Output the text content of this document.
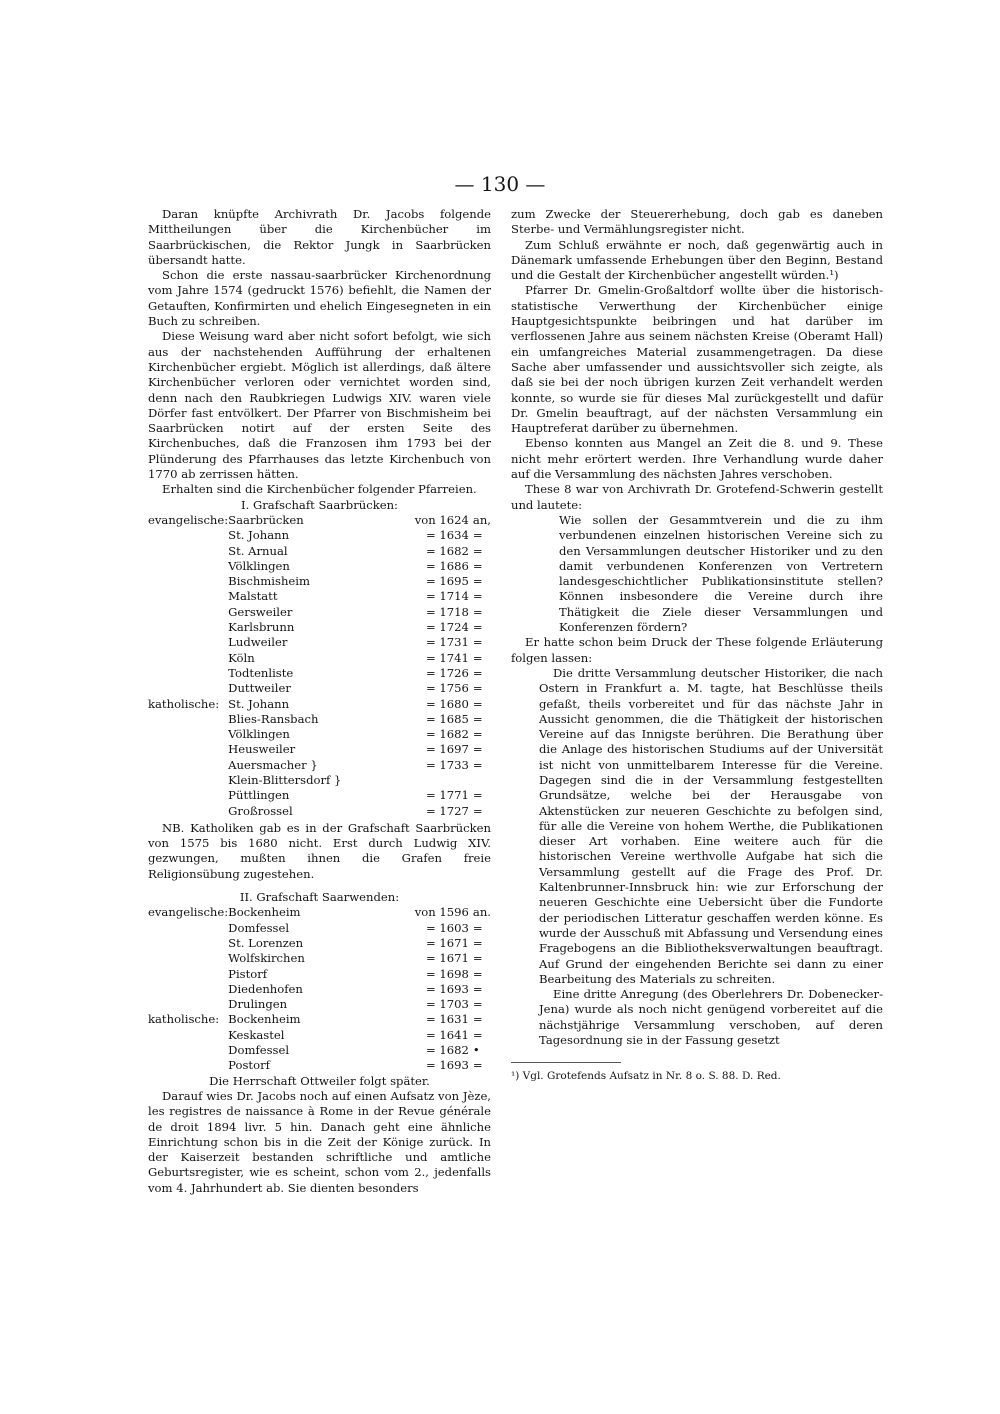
— 130 —

Daran knüpfte Archivrath Dr. Jacobs folgende Mittheilungen über die Kirchenbücher im Saarbrückischen, die Rektor Jungk in Saarbrücken übersandt hatte.

Schon die erste nassau-saarbrücker Kirchenordnung vom Jahre 1574 (gedruckt 1576) befiehlt, die Namen der Getauften, Konfirmirten und ehelich Eingesegneten in ein Buch zu schreiben.

Diese Weisung ward aber nicht sofort befolgt, wie sich aus der nachstehenden Aufführung der erhaltenen Kirchenbücher ergiebt. Möglich ist allerdings, daß ältere Kirchenbücher verloren oder vernichtet worden sind, denn nach den Raubkriegen Ludwigs XIV. waren viele Dörfer fast entvölkert. Der Pfarrer von Bischmisheim bei Saarbrücken notirt auf der ersten Seite des Kirchenbuches, daß die Franzosen ihm 1793 bei der Plünderung des Pfarrhauses das letzte Kirchenbuch von 1770 ab zerrissen hätten.

Erhalten sind die Kirchenbücher folgender Pfarreien.

I. Grafschaft Saarbrücken:

evangelische:	Saarbrücken	von 1624	an,
	St. Johann	= 1634	=
	St. Arnual	= 1682	=
	Völklingen	= 1686	=
	Bischmisheim	= 1695	=
	Malstatt	= 1714	=
	Gersweiler	= 1718	=
	Karlsbrunn	= 1724	=
	Ludweiler	= 1731	=
	Köln	= 1741	=
	Todtenliste	= 1726	=
	Duttweiler	= 1756	=
katholische:	St. Johann	= 1680	=
	Blies-Ransbach	= 1685	=
	Völklingen	= 1682	=
	Heusweiler	= 1697	=
	Auersmacher }	= 1733	=
	Klein-Blittersdorf }		
	Püttlingen	= 1771	=
	Großrossel	= 1727	=

NB. Katholiken gab es in der Grafschaft Saarbrücken von 1575 bis 1680 nicht. Erst durch Ludwig XIV. gezwungen, mußten ihnen die Grafen freie Religionsübung zugestehen.

II. Grafschaft Saarwenden:

evangelische:	Bockenheim	von 1596	an.
	Domfessel	= 1603	=
	St. Lorenzen	= 1671	=
	Wolfskirchen	= 1671	=
	Pistorf	= 1698	=
	Diedenhofen	= 1693	=
	Drulingen	= 1703	=
katholische:	Bockenheim	= 1631	=
	Keskastel	= 1641	=
	Domfessel	= 1682	•
	Postorf	= 1693	=

Die Herrschaft Ottweiler folgt später.

Darauf wies Dr. Jacobs noch auf einen Aufsatz von Jèze, les registres de naissance à Rome in der Revue générale de droit 1894 livr. 5 hin. Danach geht eine ähnliche Einrichtung schon bis in die Zeit der Könige zurück. In der Kaiserzeit bestanden schriftliche und amtliche Geburtsregister, wie es scheint, schon vom 2., jedenfalls vom 4. Jahrhundert ab. Sie dienten besonders

zum Zwecke der Steuererhebung, doch gab es daneben Sterbe- und Vermählungsregister nicht.

Zum Schluß erwähnte er noch, daß gegenwärtig auch in Dänemark umfassende Erhebungen über den Beginn, Bestand und die Gestalt der Kirchenbücher angestellt würden.¹)

Pfarrer Dr. Gmelin-Großaltdorf wollte über die historisch-statistische Verwerthung der Kirchenbücher einige Hauptgesichtspunkte beibringen und hat darüber im verflossenen Jahre aus seinem nächsten Kreise (Oberamt Hall) ein umfangreiches Material zusammengetragen. Da diese Sache aber umfassender und aussichtsvoller sich zeigte, als daß sie bei der noch übrigen kurzen Zeit verhandelt werden konnte, so wurde sie für dieses Mal zurückgestellt und dafür Dr. Gmelin beauftragt, auf der nächsten Versammlung ein Hauptreferat darüber zu übernehmen.

Ebenso konnten aus Mangel an Zeit die 8. und 9. These nicht mehr erörtert werden. Ihre Verhandlung wurde daher auf die Versammlung des nächsten Jahres verschoben.

These 8 war von Archivrath Dr. Grotefend-Schwerin gestellt und lautete:

Wie sollen der Gesammtverein und die zu ihm verbundenen einzelnen historischen Vereine sich zu den Versammlungen deutscher Historiker und zu den damit verbundenen Konferenzen von Vertretern landesgeschichtlicher Publikationsinstitute stellen? Können insbesondere die Vereine durch ihre Thätigkeit die Ziele dieser Versammlungen und Konferenzen fördern?

Er hatte schon beim Druck der These folgende Erläuterung folgen lassen:

Die dritte Versammlung deutscher Historiker, die nach Ostern in Frankfurt a. M. tagte, hat Beschlüsse theils gefaßt, theils vorbereitet und für das nächste Jahr in Aussicht genommen, die die Thätigkeit der historischen Vereine auf das Innigste berühren. Die Berathung über die Anlage des historischen Studiums auf der Universität ist nicht von unmittelbarem Interesse für die Vereine. Dagegen sind die in der Versammlung festgestellten Grundsätze, welche bei der Herausgabe von Aktenstücken zur neueren Geschichte zu befolgen sind, für alle die Vereine von hohem Werthe, die Publikationen dieser Art vorhaben. Eine weitere auch für die historischen Vereine werthvolle Aufgabe hat sich die Versammlung gestellt auf die Frage des Prof. Dr. Kaltenbrunner-Innsbruck hin: wie zur Erforschung der neueren Geschichte eine Uebersicht über die Fundorte der periodischen Litteratur geschaffen werden könne. Es wurde der Ausschuß mit Abfassung und Versendung eines Fragebogens an die Bibliotheksverwaltungen beauftragt. Auf Grund der eingehenden Berichte sei dann zu einer Bearbeitung des Materials zu schreiten.

Eine dritte Anregung (des Oberlehrers Dr. Dobenecker-Jena) wurde als noch nicht genügend vorbereitet auf die nächstjährige Versammlung verschoben, auf deren Tagesordnung sie in der Fassung gesetzt

¹) Vgl. Grotefends Aufsatz in Nr. 8 o. S. 88. D. Red.
